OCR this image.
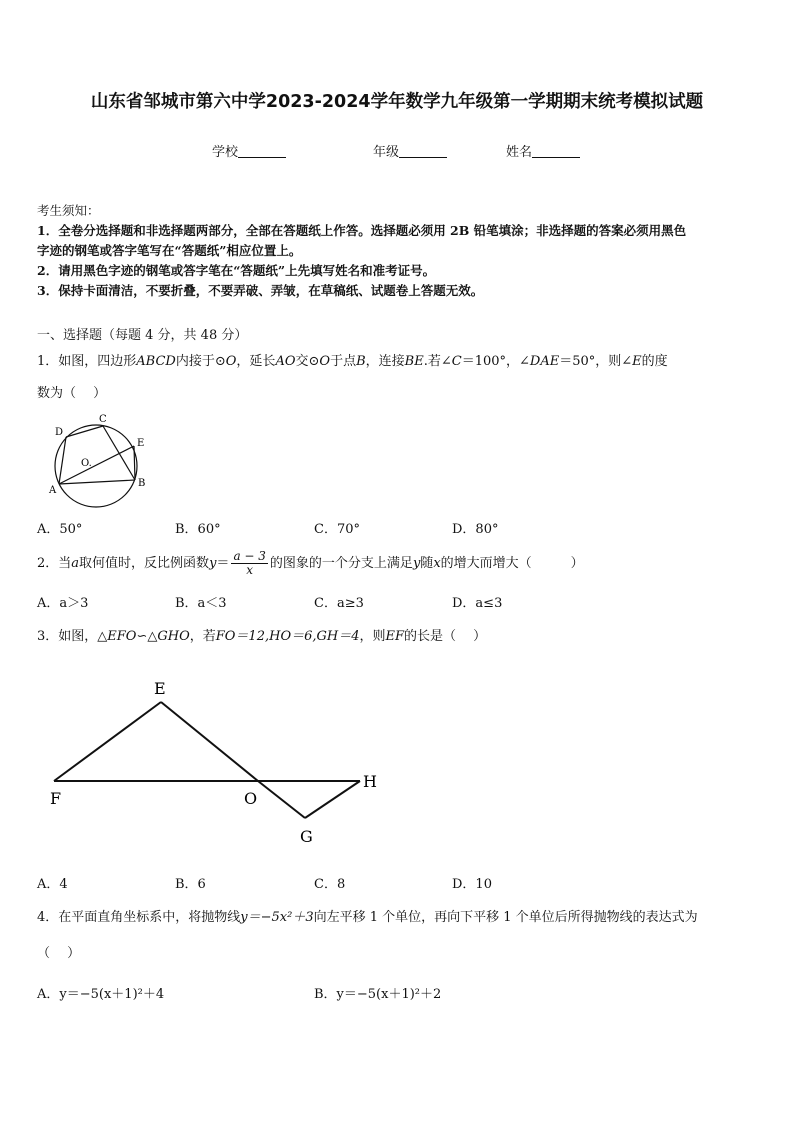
山东省邹城市第六中学2023-2024学年数学九年级第一学期期末统考模拟试题
学校	年级	姓名
考生须知：
1．全卷分选择题和非选择题两部分，全部在答题纸上作答。选择题必须用 2B 铅笔填涂；非选择题的答案必须用黑色
字迹的钢笔或答字笔写在“答题纸”相应位置上。
2．请用黑色字迹的钢笔或答字笔在“答题纸”上先填写姓名和准考证号。
3．保持卡面清洁，不要折叠，不要弄破、弄皱，在草稿纸、试题卷上答题无效。
一、选择题（每题 4 分，共 48 分）
1．如图，四边形ABCD内接于⊙O，延长AO交⊙O于点B，连接BE.若∠C＝100°，∠DAE＝50°，则∠E的度
数为（　 ）
A
B
C
D
E
O.
A．50°	B．60°	C．70°	D．80°
2．当a取何值时，反比例函数$y= \frac{a - 3}{x}$ 的图象的一个分支上满足y随x的增大而增大（　　　）
A．a＞3	B．a＜3	C．a≥3	D．a≤3
3．如图，△EFO∽△GHO，若FO＝12,HO＝6,GH＝4，则EF的长是（　 ）
E
F	O
H
G
A．4	B．6	C．8	D．10
4．在平面直角坐标系中，将抛物线y＝−5x²＋3向左平移 1 个单位，再向下平移 1 个单位后所得抛物线的表达式为
（　 ）
A．y＝−5(x＋1)²＋4	B．y＝−5(x＋1)²＋2
